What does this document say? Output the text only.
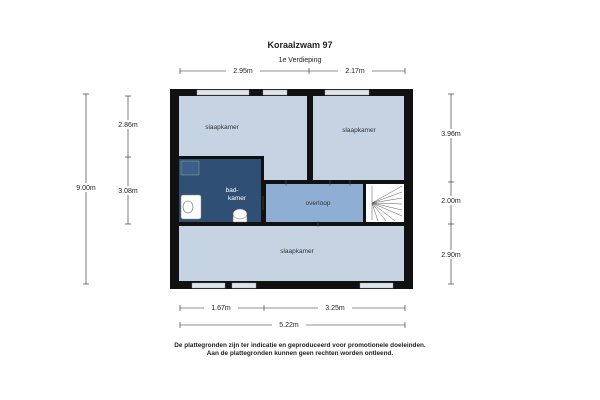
Koraalzwam 97
1e Verdieping
slaapkamer	slaapkamer
bad- kamer
overloop
slaapkamer
2.95m	2.17m
9.00m
2.86m
3.08m
3.96m
2.00m
2.90m
1.67m	3.25m
5.22m
De plattegronden zijn ter indicatie en geproduceerd voor promotionele doeleinden.
Aan de plattegronden kunnen geen rechten worden ontleend.
